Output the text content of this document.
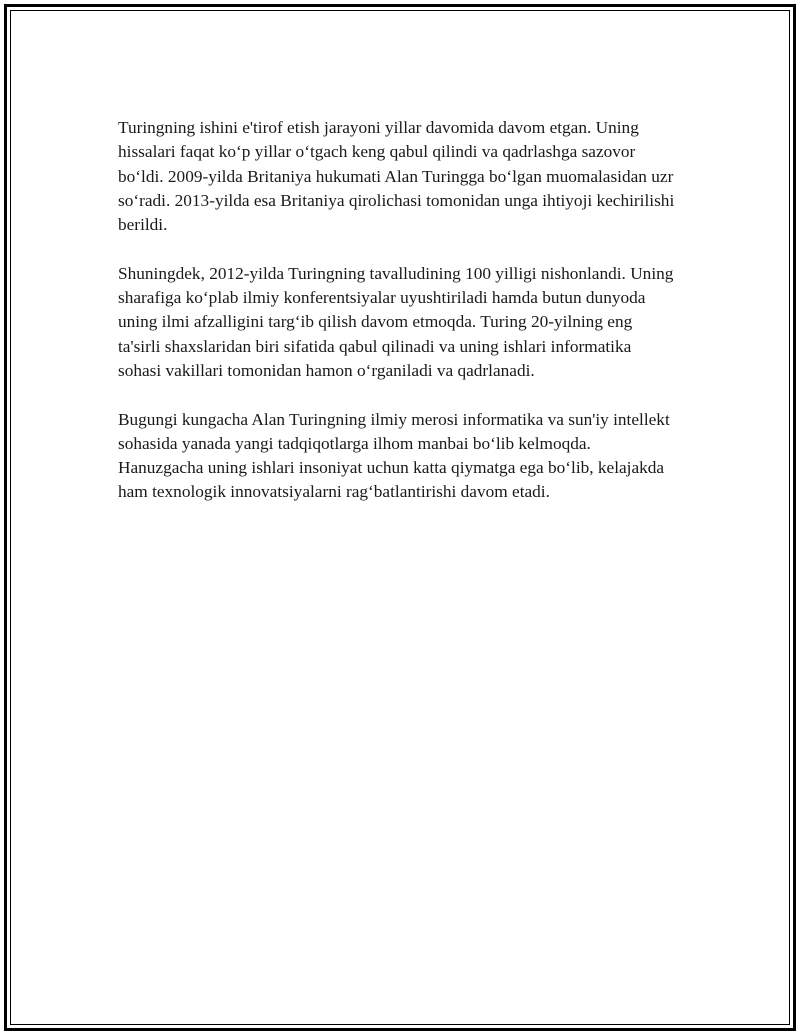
Turingning ishini e'tirof etish jarayoni yillar davomida davom etgan. Uning hissalari faqat koʻp yillar oʻtgach keng qabul qilindi va qadrlashga sazovor boʻldi. 2009-yilda Britaniya hukumati Alan Turingga boʻlgan muomalasidan uzr soʻradi. 2013-yilda esa Britaniya qirolichasi tomonidan unga ihtiyoji kechirilishi berildi.

Shuningdek, 2012-yilda Turingning tavalludining 100 yilligi nishonlandi. Uning sharafiga koʻplab ilmiy konferentsiyalar uyushtiriladi hamda butun dunyoda uning ilmi afzalligini targʻib qilish davom etmoqda. Turing 20-yilning eng ta'sirli shaxslaridan biri sifatida qabul qilinadi va uning ishlari informatika sohasi vakillari tomonidan hamon oʻrganiladi va qadrlanadi.

Bugungi kungacha Alan Turingning ilmiy merosi informatika va sun'iy intellekt sohasida yanada yangi tadqiqotlarga ilhom manbai boʻlib kelmoqda. Hanuzgacha uning ishlari insoniyat uchun katta qiymatga ega boʻlib, kelajakda ham texnologik innovatsiyalarni ragʻbatlantirishi davom etadi.
